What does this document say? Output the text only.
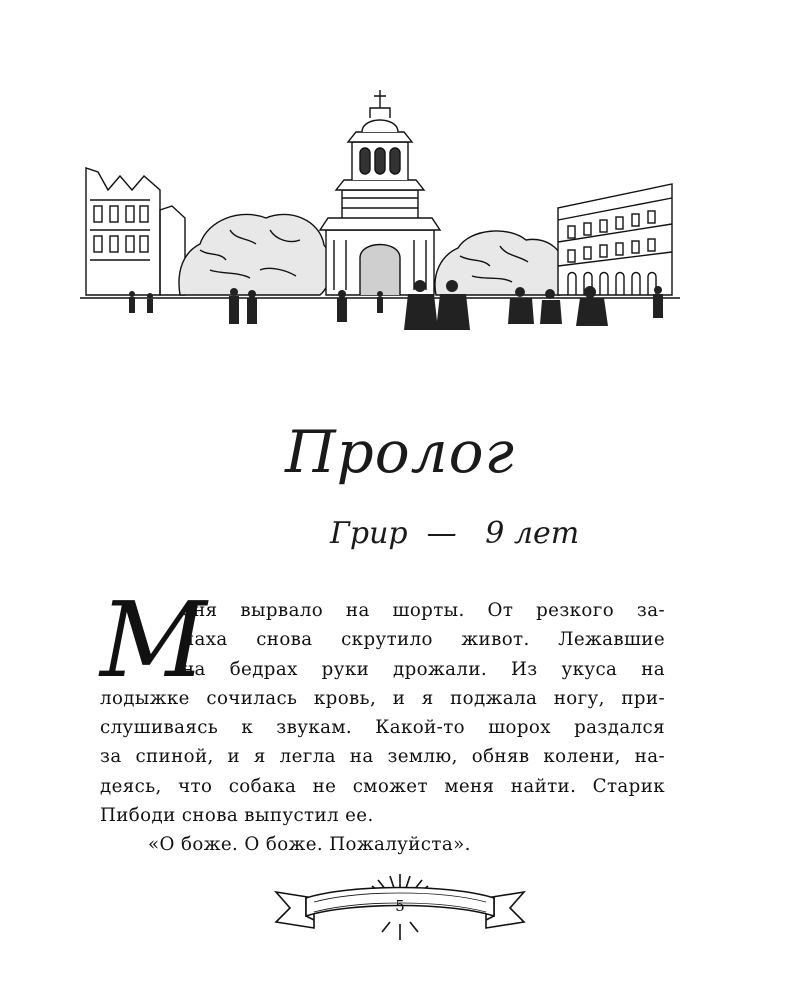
Пролог
Грир  —   9 лет
М
еня вырвало на шорты. От резкого за-
паха снова скрутило живот. Лежавшие
на бедрах руки дрожали. Из укуса на
лодыжке сочилась кровь, и я поджала ногу, при-
слушиваясь к звукам. Какой-то шорох раздался
за спиной, и я легла на землю, обняв колени, на-
деясь, что собака не сможет меня найти. Старик
Пибоди снова выпустил ее.
«О боже. О боже. Пожалуйста».
5
